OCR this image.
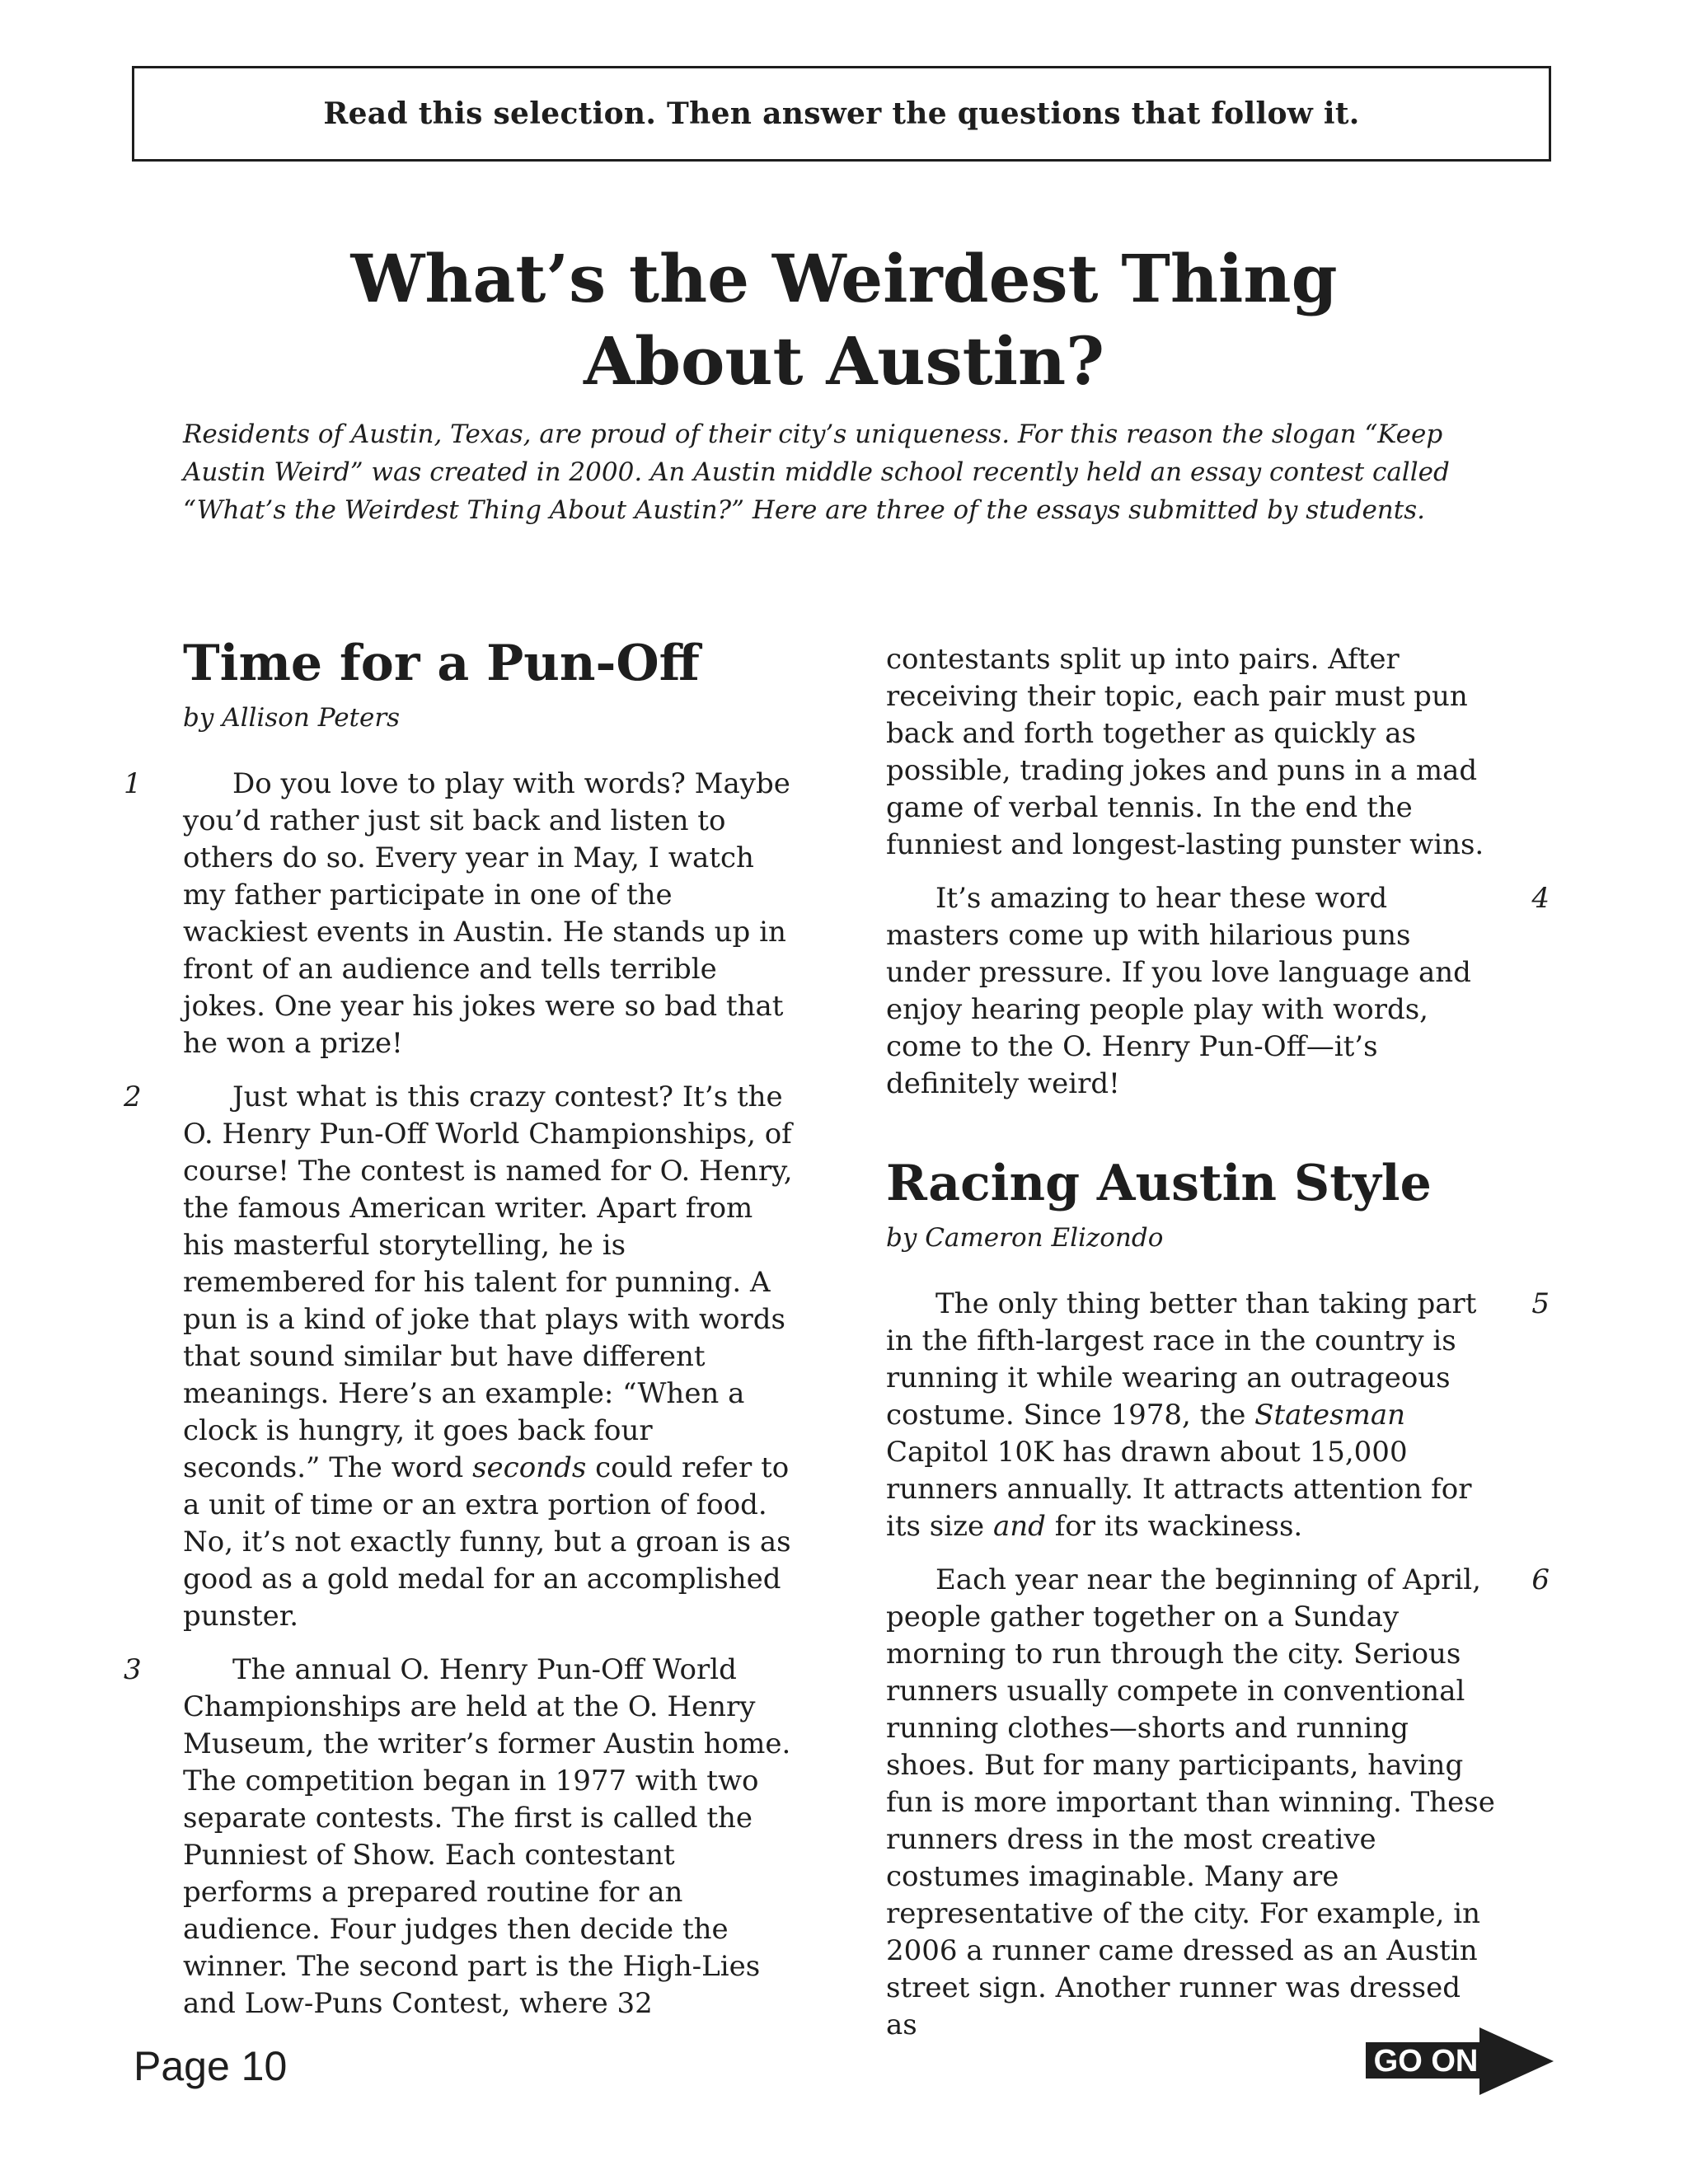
Read this selection. Then answer the questions that follow it.
What’s the Weirdest Thing
About Austin?
Residents of Austin, Texas, are proud of their city’s uniqueness. For this reason the slogan “Keep Austin Weird” was created in 2000. An Austin middle school recently held an essay contest called “What’s the Weirdest Thing About Austin?” Here are three of the essays submitted by students.
Time for a Pun-Off
by Allison Peters

1	Do you love to play with words? Maybe you’d rather just sit back and listen to others do so. Every year in May, I watch my father participate in one of the wackiest events in Austin. He stands up in front of an audience and tells terrible jokes. One year his jokes were so bad that he won a prize!

2	Just what is this crazy contest? It’s the O. Henry Pun-Off World Championships, of course! The contest is named for O. Henry, the famous American writer. Apart from his masterful storytelling, he is remembered for his talent for punning. A pun is a kind of joke that plays with words that sound similar but have different meanings. Here’s an example: “When a clock is hungry, it goes back four seconds.” The word seconds could refer to a unit of time or an extra portion of food. No, it’s not exactly funny, but a groan is as good as a gold medal for an accomplished punster.

3	The annual O. Henry Pun-Off World Championships are held at the O. Henry Museum, the writer’s former Austin home. The competition began in 1977 with two separate contests. The first is called the Punniest of Show. Each contestant performs a prepared routine for an audience. Four judges then decide the winner. The second part is the High-Lies and Low-Puns Contest, where 32

contestants split up into pairs. After receiving their topic, each pair must pun back and forth together as quickly as possible, trading jokes and puns in a mad game of verbal tennis. In the end the funniest and longest-lasting punster wins.

4
It’s amazing to hear these word masters come up with hilarious puns under pressure. If you love language and enjoy hearing people play with words, come to the O. Henry Pun-Off—it’s definitely weird!

Racing Austin Style
by Cameron Elizondo

5
The only thing better than taking part in the fifth-largest race in the country is running it while wearing an outrageous costume. Since 1978, the Statesman Capitol 10K has drawn about 15,000 runners annually. It attracts attention for its size and for its wackiness.

6
Each year near the beginning of April, people gather together on a Sunday morning to run through the city. Serious runners usually compete in conventional running clothes—shorts and running shoes. But for many participants, having fun is more important than winning. These runners dress in the most creative costumes imaginable. Many are representative of the city. For example, in 2006 a runner came dressed as an Austin street sign. Another runner was dressed as

Page 10	GO ON
